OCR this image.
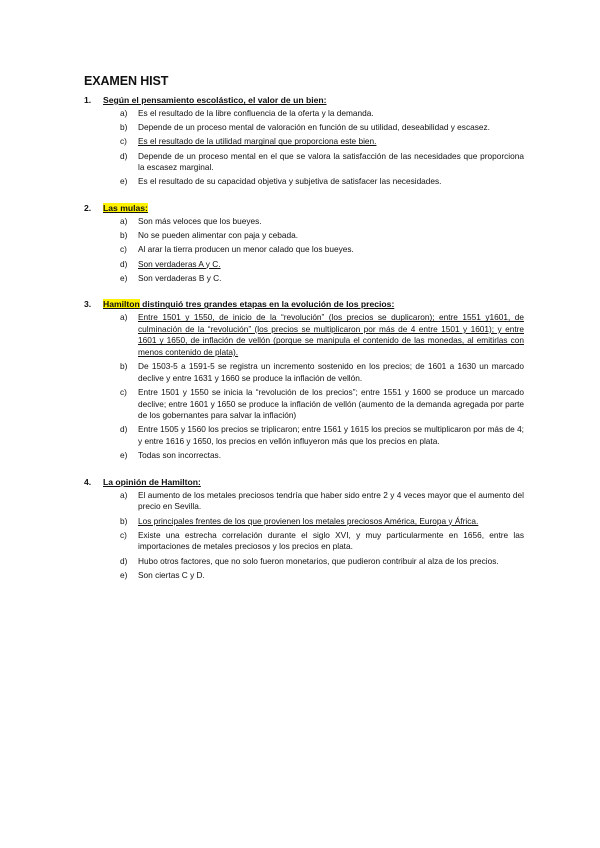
EXAMEN HIST
1.	Según el pensamiento escolástico, el valor de un bien:
a)	Es el resultado de la libre confluencia de la oferta y la demanda.
b)	Depende de un proceso mental de valoración en función de su utilidad, deseabilidad y escasez.
c)	Es el resultado de la utilidad marginal que proporciona este bien.
d)	Depende de un proceso mental en el que se valora la satisfacción de las necesidades que proporciona la escasez marginal.
e)	Es el resultado de su capacidad objetiva y subjetiva de satisfacer las necesidades.
2.	Las mulas:
a)	Son más veloces que los bueyes.
b)	No se pueden alimentar con paja y cebada.
c)	Al arar la tierra producen un menor calado que los bueyes.
d)	Son verdaderas A y C.
e)	Son verdaderas B y C.
3.	Hamilton distinguió tres grandes etapas en la evolución de los precios:
a)	Entre 1501 y 1550, de inicio de la “revolución” (los precios se duplicaron); entre 1551 y1601, de culminación de la “revolución” (los precios se multiplicaron por más de 4 entre 1501 y 1601); y entre 1601 y 1650, de inflación de vellón (porque se manipula el contenido de las monedas, al emitirlas con menos contenido de plata).
b)	De 1503-5 a 1591-5 se registra un incremento sostenido en los precios; de 1601 a 1630 un marcado declive y entre 1631 y 1660 se produce la inflación de vellón.
c)	Entre 1501 y 1550 se inicia la “revolución de los precios”; entre 1551 y 1600 se produce un marcado declive; entre 1601 y 1650 se produce la inflación de vellón (aumento de la demanda agregada por parte de los gobernantes para salvar la inflación)
d)	Entre 1505 y 1560 los precios se triplicaron; entre 1561 y 1615 los precios se multiplicaron por más de 4; y entre 1616 y 1650, los precios en vellón influyeron más que los precios en plata.
e)	Todas son incorrectas.
4.	La opinión de Hamilton:
a)	El aumento de los metales preciosos tendría que haber sido entre 2 y 4 veces mayor que el aumento del precio en Sevilla.
b)	Los principales frentes de los que provienen los metales preciosos América, Europa y África.
c)	Existe una estrecha correlación durante el siglo XVI, y muy particularmente en 1656, entre las importaciones de metales preciosos y los precios en plata.
d)	Hubo otros factores, que no solo fueron monetarios, que pudieron contribuir al alza de los precios.
e)	Son ciertas C y D.
